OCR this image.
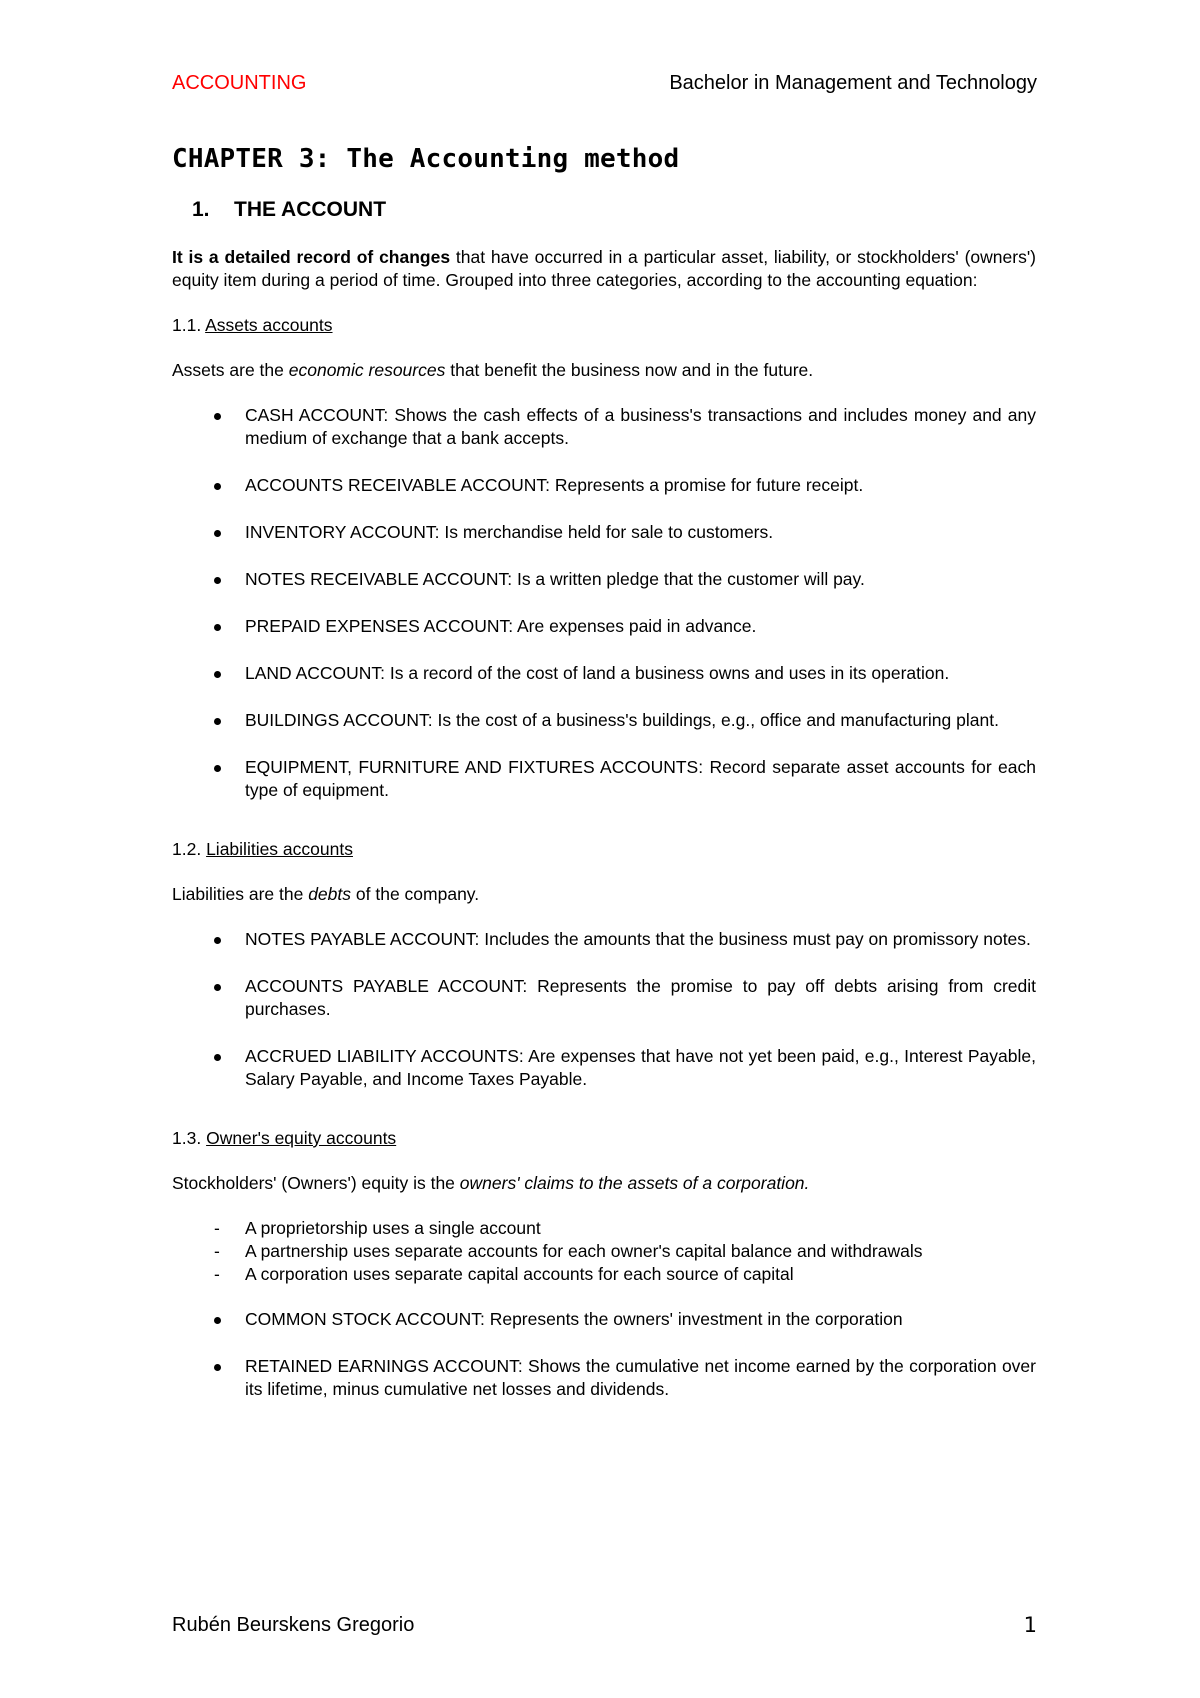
ACCOUNTING	Bachelor in Management and Technology
CHAPTER 3: The Accounting method
1. THE ACCOUNT

It is a detailed record of changes that have occurred in a particular asset, liability, or stockholders' (owners') equity item during a period of time. Grouped into three categories, according to the accounting equation:

1.1. Assets accounts

Assets are the economic resources that benefit the business now and in the future.

CASH ACCOUNT: Shows the cash effects of a business's transactions and includes money and any medium of exchange that a bank accepts.
ACCOUNTS RECEIVABLE ACCOUNT: Represents a promise for future receipt.
INVENTORY ACCOUNT: Is merchandise held for sale to customers.
NOTES RECEIVABLE ACCOUNT: Is a written pledge that the customer will pay.
PREPAID EXPENSES ACCOUNT: Are expenses paid in advance.
LAND ACCOUNT: Is a record of the cost of land a business owns and uses in its operation.
BUILDINGS ACCOUNT: Is the cost of a business's buildings, e.g., office and manufacturing plant.
EQUIPMENT, FURNITURE AND FIXTURES ACCOUNTS: Record separate asset accounts for each type of equipment.

1.2. Liabilities accounts

Liabilities are the debts of the company.

NOTES PAYABLE ACCOUNT: Includes the amounts that the business must pay on promissory notes.
ACCOUNTS PAYABLE ACCOUNT: Represents the promise to pay off debts arising from credit purchases.
ACCRUED LIABILITY ACCOUNTS: Are expenses that have not yet been paid, e.g., Interest Payable, Salary Payable, and Income Taxes Payable.

1.3. Owner's equity accounts

Stockholders' (Owners') equity is the owners' claims to the assets of a corporation.

- A proprietorship uses a single account
- A partnership uses separate accounts for each owner's capital balance and withdrawals
- A corporation uses separate capital accounts for each source of capital
COMMON STOCK ACCOUNT: Represents the owners' investment in the corporation
RETAINED EARNINGS ACCOUNT: Shows the cumulative net income earned by the corporation over its lifetime, minus cumulative net losses and dividends.
Rubén Beurskens Gregorio	1
